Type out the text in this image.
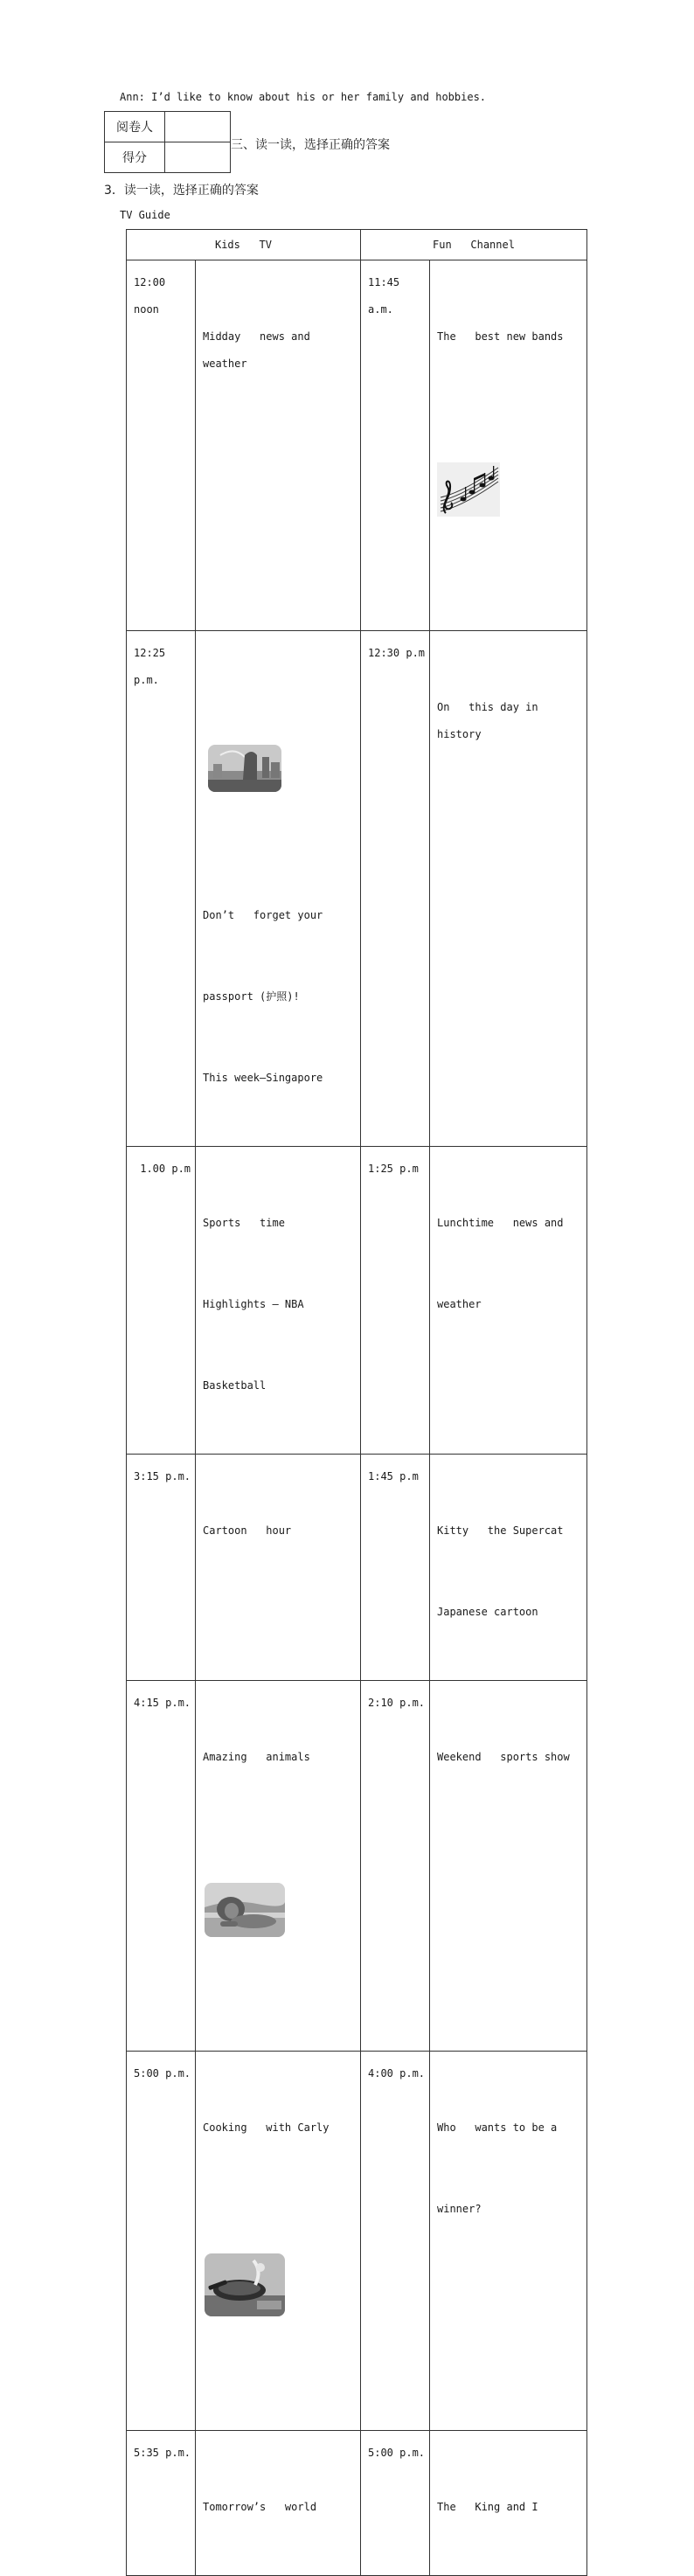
Ann: I’d like to know about his or her family and hobbies.
阅卷人	
得分	
三、读一读，选择正确的答案
3．读一读，选择正确的答案
TV Guide
Kids   TV		Fun   Channel	
12:00 noon	Midday   news and weather	11:45 a.m.	The   best new bands

12:25 p.m.	Don’t   forget your

passport (护照)!

This week—Singapore	12:30 p.m	On   this day in history

1.00 p.m	Sports   time

Highlights — NBA

Basketball	1:25 p.m	Lunchtime   news and

weather

3:15 p.m.	Cartoon   hour	1:45 p.m	Kitty   the Supercat

Japanese cartoon

4:15 p.m.	Amazing   animals	2:10 p.m.	Weekend   sports show

5:00 p.m.	Cooking   with Carly	4:00 p.m.	Who   wants to be a

winner?

5:35 p.m.	Tomorrow’s   world	5:00 p.m.	The   King and I
